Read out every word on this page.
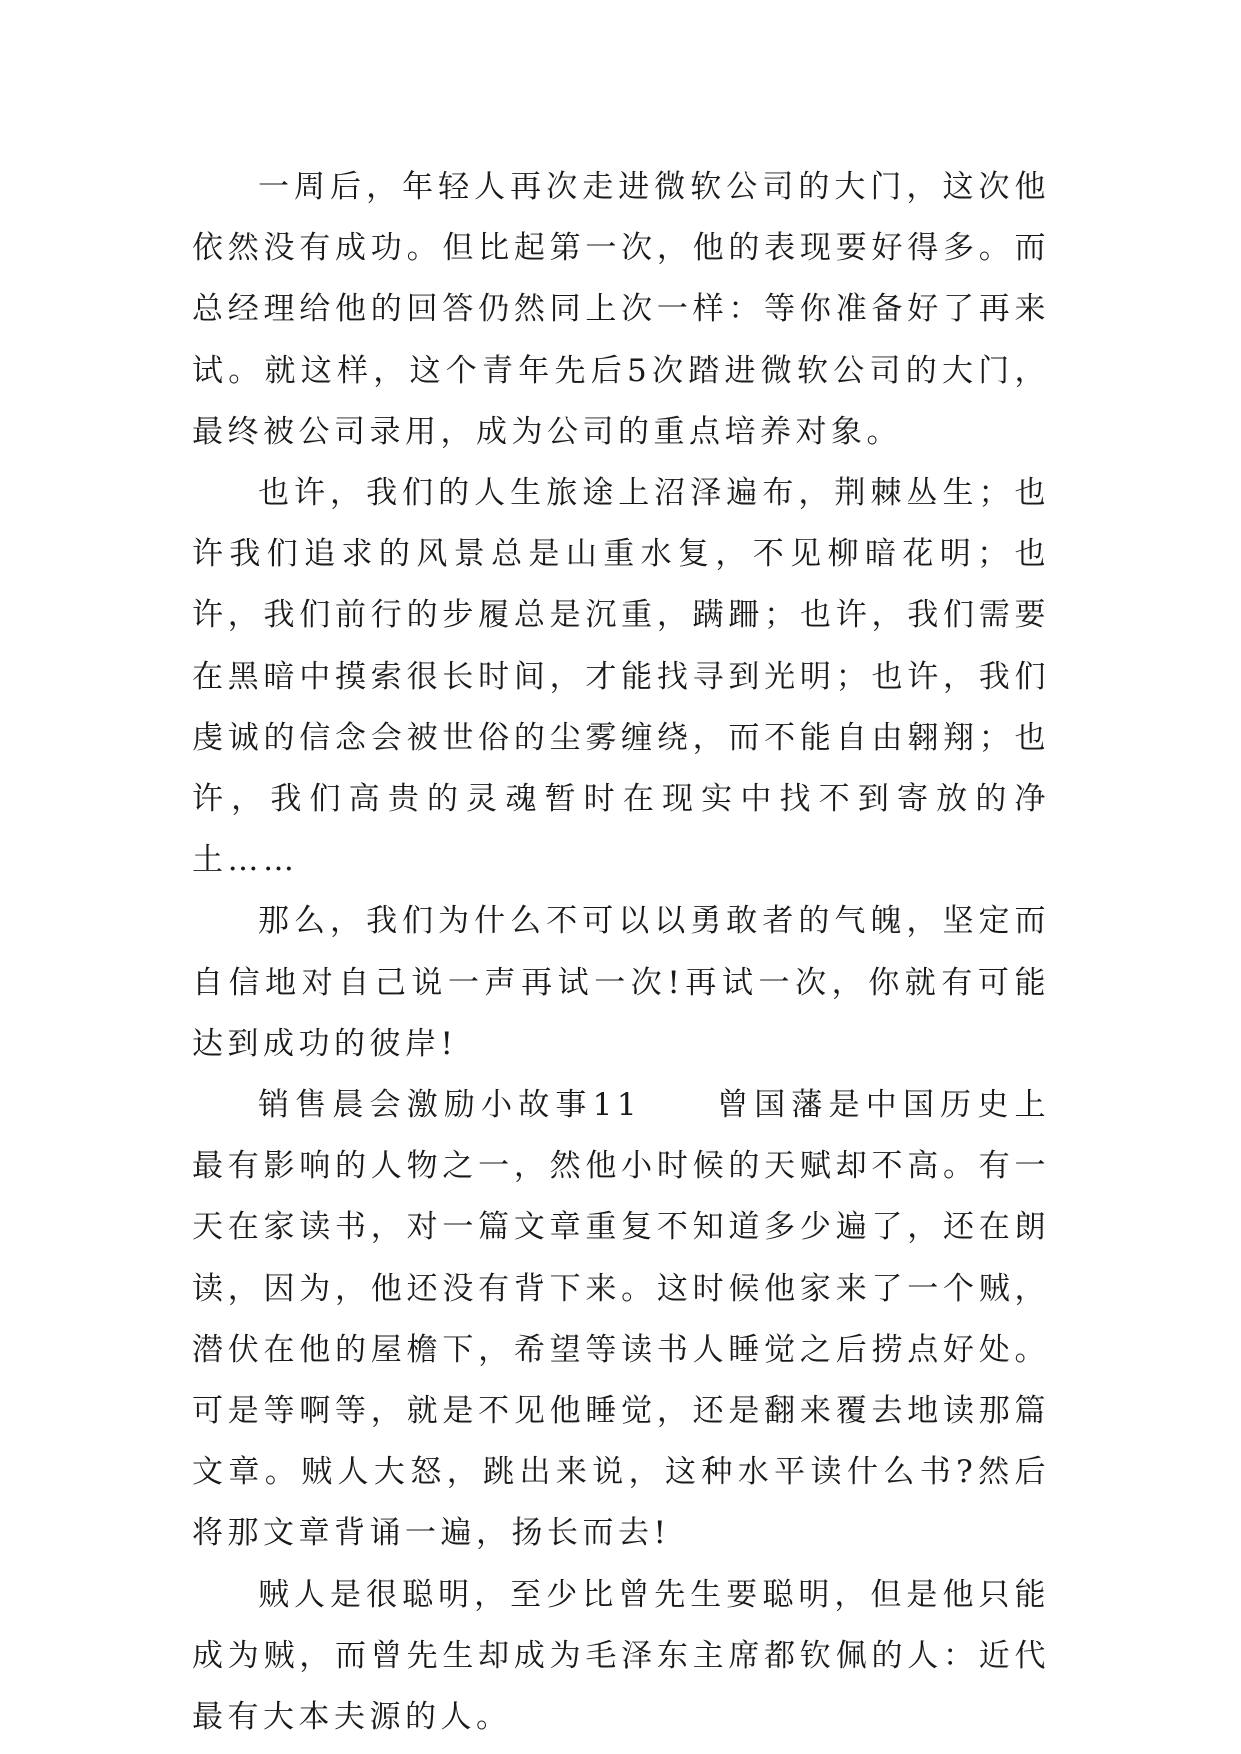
一周后，年轻人再次走进微软公司的大门，这次他依然没有成功。但比起第一次，他的表现要好得多。而总经理给他的回答仍然同上次一样：等你准备好了再来试。就这样，这个青年先后5次踏进微软公司的大门，最终被公司录用，成为公司的重点培养对象。

也许，我们的人生旅途上沼泽遍布，荆棘丛生；也许我们追求的风景总是山重水复，不见柳暗花明；也许，我们前行的步履总是沉重，蹒跚；也许，我们需要在黑暗中摸索很长时间，才能找寻到光明；也许，我们虔诚的信念会被世俗的尘雾缠绕，而不能自由翱翔；也许，我们高贵的灵魂暂时在现实中找不到寄放的净土……

那么，我们为什么不可以以勇敢者的气魄，坚定而自信地对自己说一声再试一次!再试一次，你就有可能达到成功的彼岸!

销售晨会激励小故事11　　曾国藩是中国历史上最有影响的人物之一，然他小时候的天赋却不高。有一天在家读书，对一篇文章重复不知道多少遍了，还在朗读，因为，他还没有背下来。这时候他家来了一个贼，潜伏在他的屋檐下，希望等读书人睡觉之后捞点好处。可是等啊等，就是不见他睡觉，还是翻来覆去地读那篇文章。贼人大怒，跳出来说，这种水平读什么书?然后将那文章背诵一遍，扬长而去!

贼人是很聪明，至少比曾先生要聪明，但是他只能成为贼，而曾先生却成为毛泽东主席都钦佩的人：近代最有大本夫源的人。
